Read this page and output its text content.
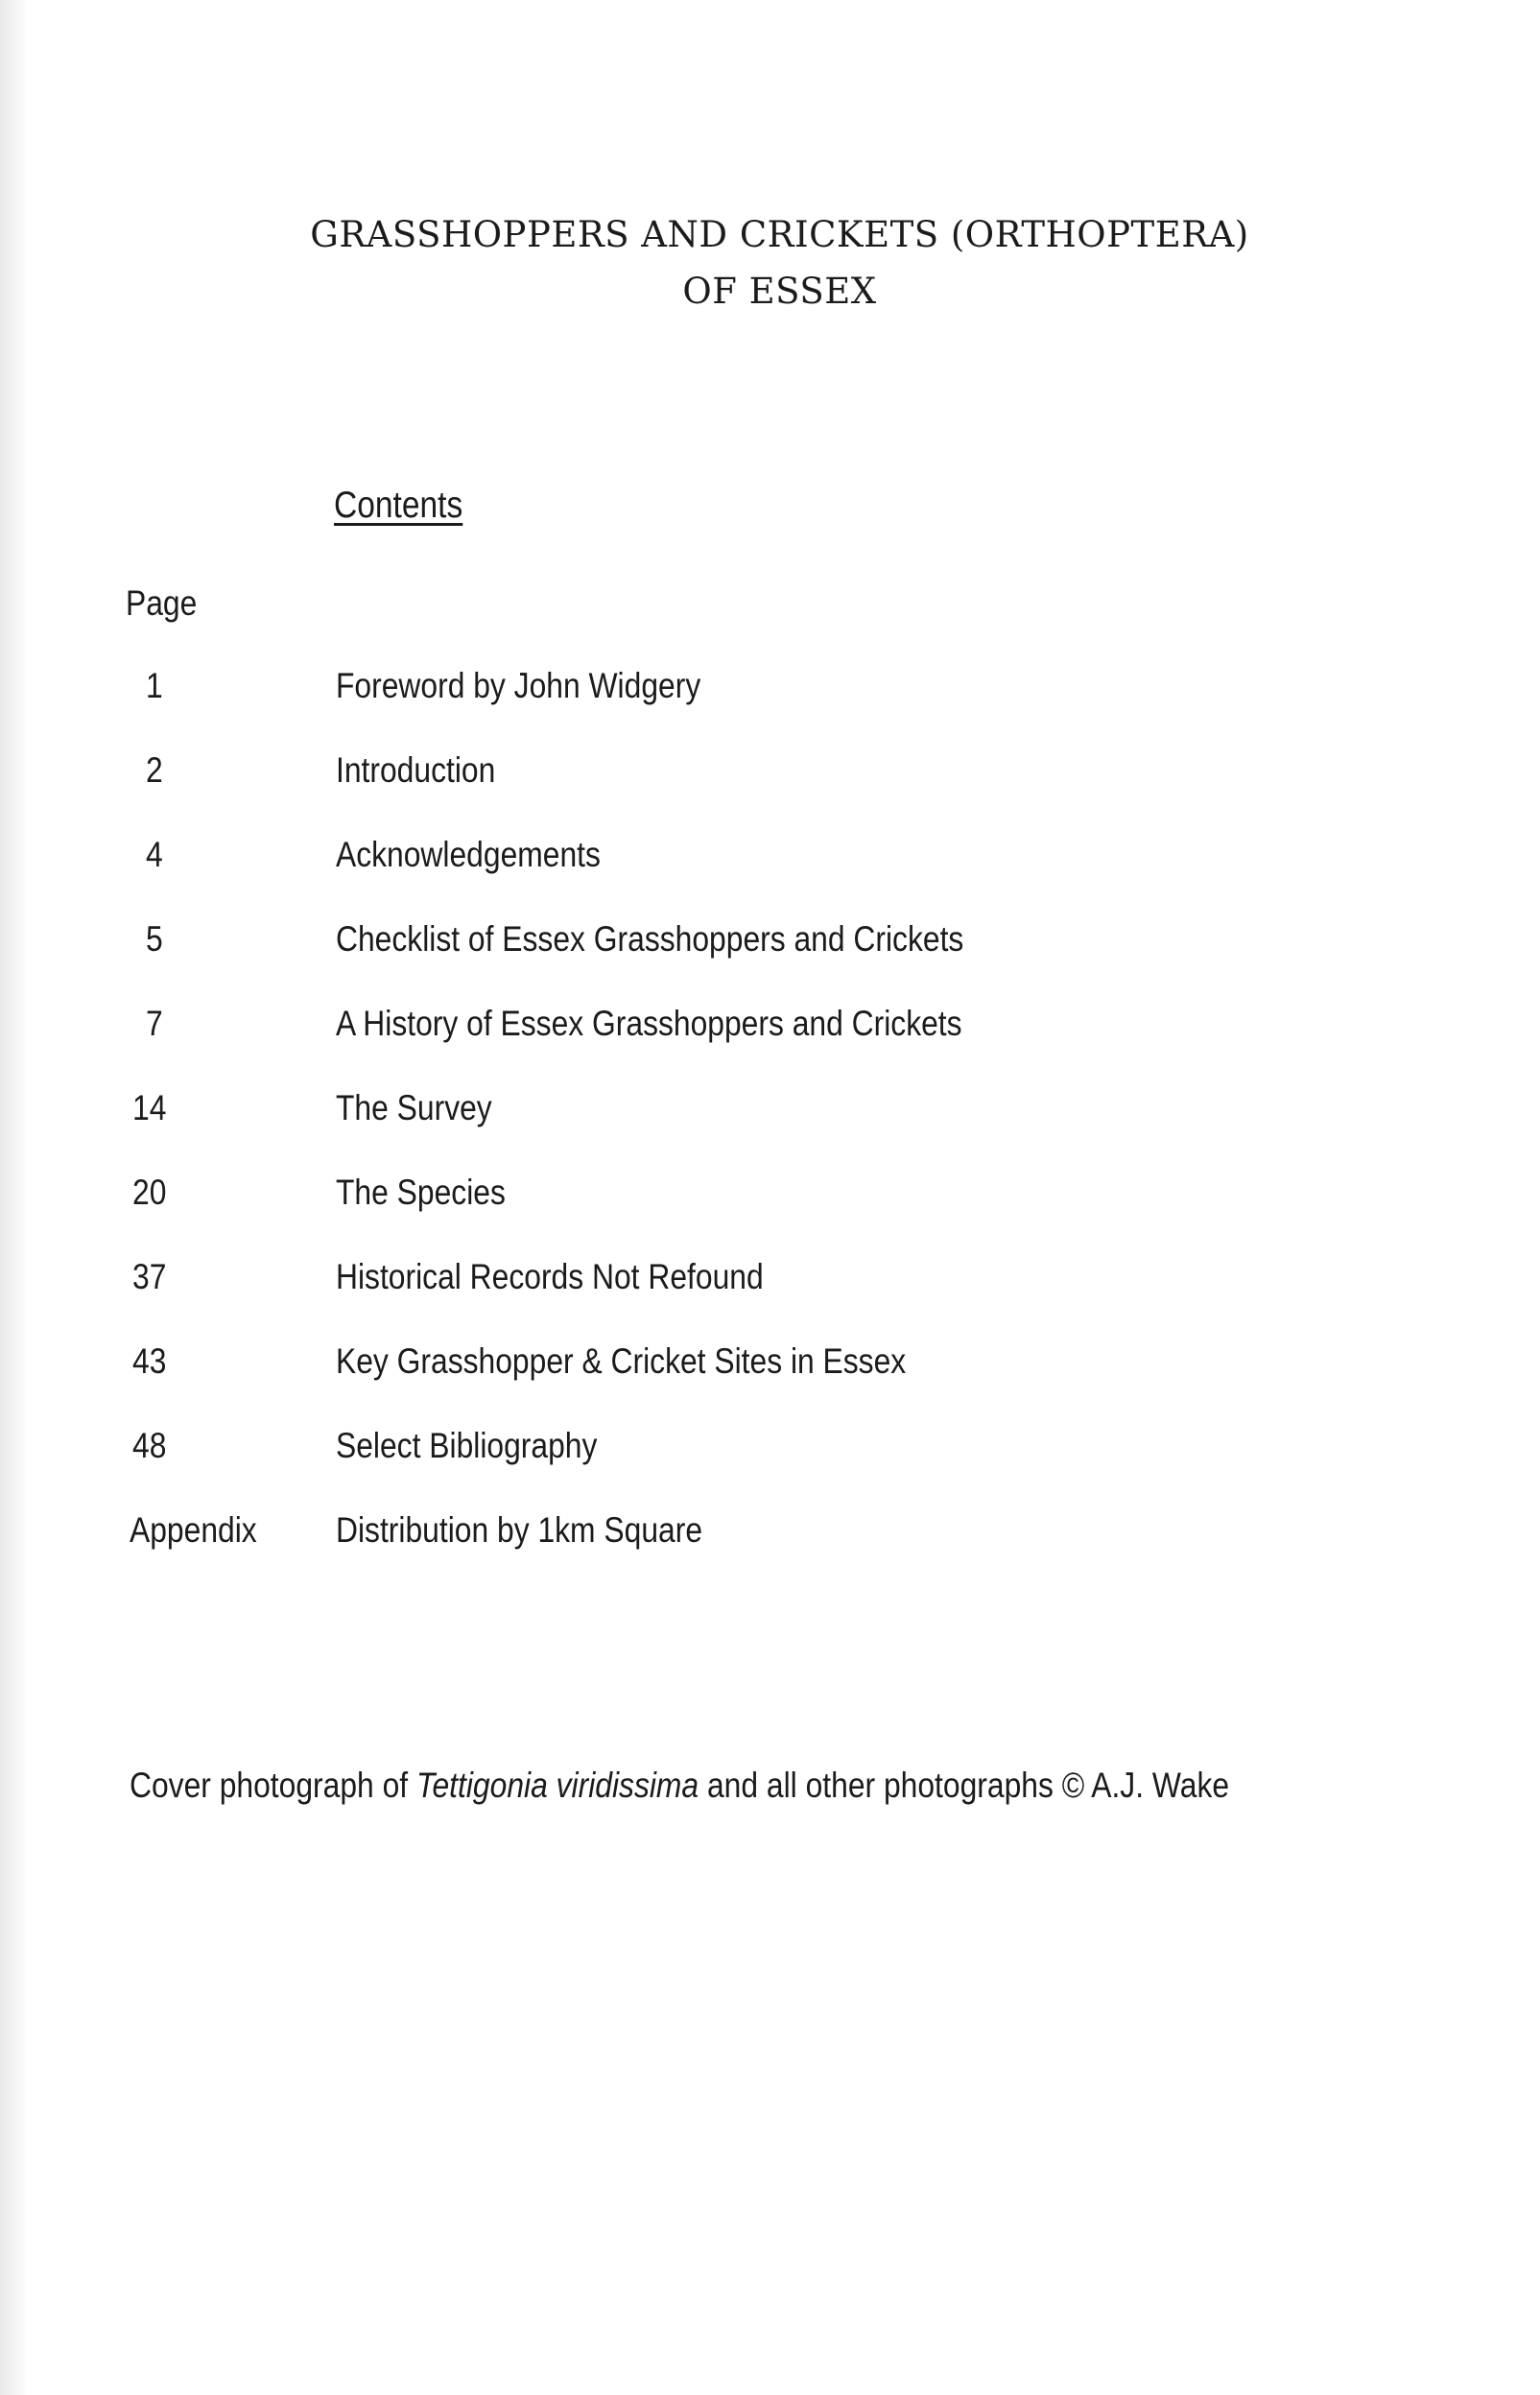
GRASSHOPPERS AND CRICKETS (ORTHOPTERA)
OF ESSEX
Contents
Page
1	Foreword by John Widgery
2	Introduction
4	Acknowledgements
5	Checklist of Essex Grasshoppers and Crickets
7	A History of Essex Grasshoppers and Crickets
14	The Survey
20	The Species
37	Historical Records Not Refound
43	Key Grasshopper & Cricket Sites in Essex
48	Select Bibliography
Appendix	Distribution by 1km Square
Cover photograph of Tettigonia viridissima and all other photographs © A.J. Wake
